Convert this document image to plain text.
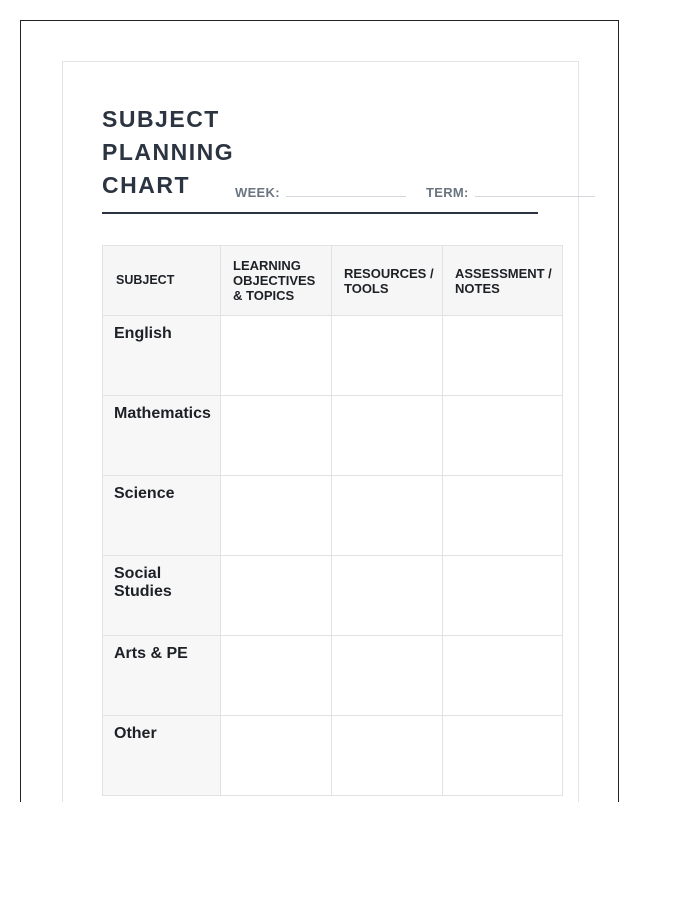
SUBJECT
PLANNING
CHART	WEEK:	TERM:
SUBJECT	LEARNING OBJECTIVES & TOPICS	RESOURCES / TOOLS	ASSESSMENT / NOTES
English			
Mathematics			
Science			
Social Studies			
Arts & PE			
Other			
